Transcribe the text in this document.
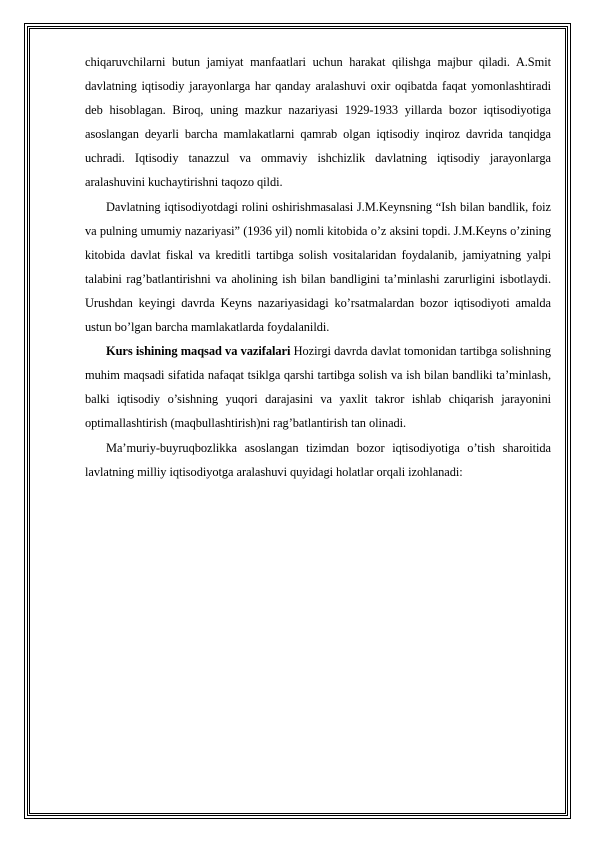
chiqaruvchilarni butun jamiyat manfaatlari uchun harakat qilishga majbur qiladi. A.Smit davlatning iqtisodiy jarayonlarga har qanday aralashuvi oxir oqibatda faqat yomonlashtiradi deb hisoblagan. Biroq, uning mazkur nazariyasi 1929-1933 yillarda bozor iqtisodiyotiga asoslangan deyarli barcha mamlakatlarni qamrab olgan iqtisodiy inqiroz davrida tanqidga uchradi. Iqtisodiy tanazzul va ommaviy ishchizlik davlatning iqtisodiy jarayonlarga aralashuvini kuchaytirishni taqozo qildi.

Davlatning iqtisodiyotdagi rolini oshirishmasalasi J.M.Keynsning “Ish bilan bandlik, foiz va pulning umumiy nazariyasi” (1936 yil) nomli kitobida o’z aksini topdi. J.M.Keyns o’zining kitobida davlat fiskal va kreditli tartibga solish vositalaridan foydalanib, jamiyatning yalpi talabini rag’batlantirishni va aholining ish bilan bandligini ta’minlashi zarurligini isbotlaydi. Urushdan keyingi davrda Keyns nazariyasidagi ko’rsatmalardan bozor iqtisodiyoti amalda ustun bo’lgan barcha mamlakatlarda foydalanildi.

Kurs ishining maqsad va vazifalari Hozirgi davrda davlat tomonidan tartibga solishning muhim maqsadi sifatida nafaqat tsiklga qarshi tartibga solish va ish bilan bandliki ta’minlash, balki iqtisodiy o’sishning yuqori darajasini va yaxlit takror ishlab chiqarish jarayonini optimallashtirish (maqbullashtirish)ni rag’batlantirish tan olinadi.

Ma’muriy-buyruqbozlikka asoslangan tizimdan bozor iqtisodiyotiga o’tish sharoitida lavlatning milliy iqtisodiyotga aralashuvi quyidagi holatlar orqali izohlanadi:
